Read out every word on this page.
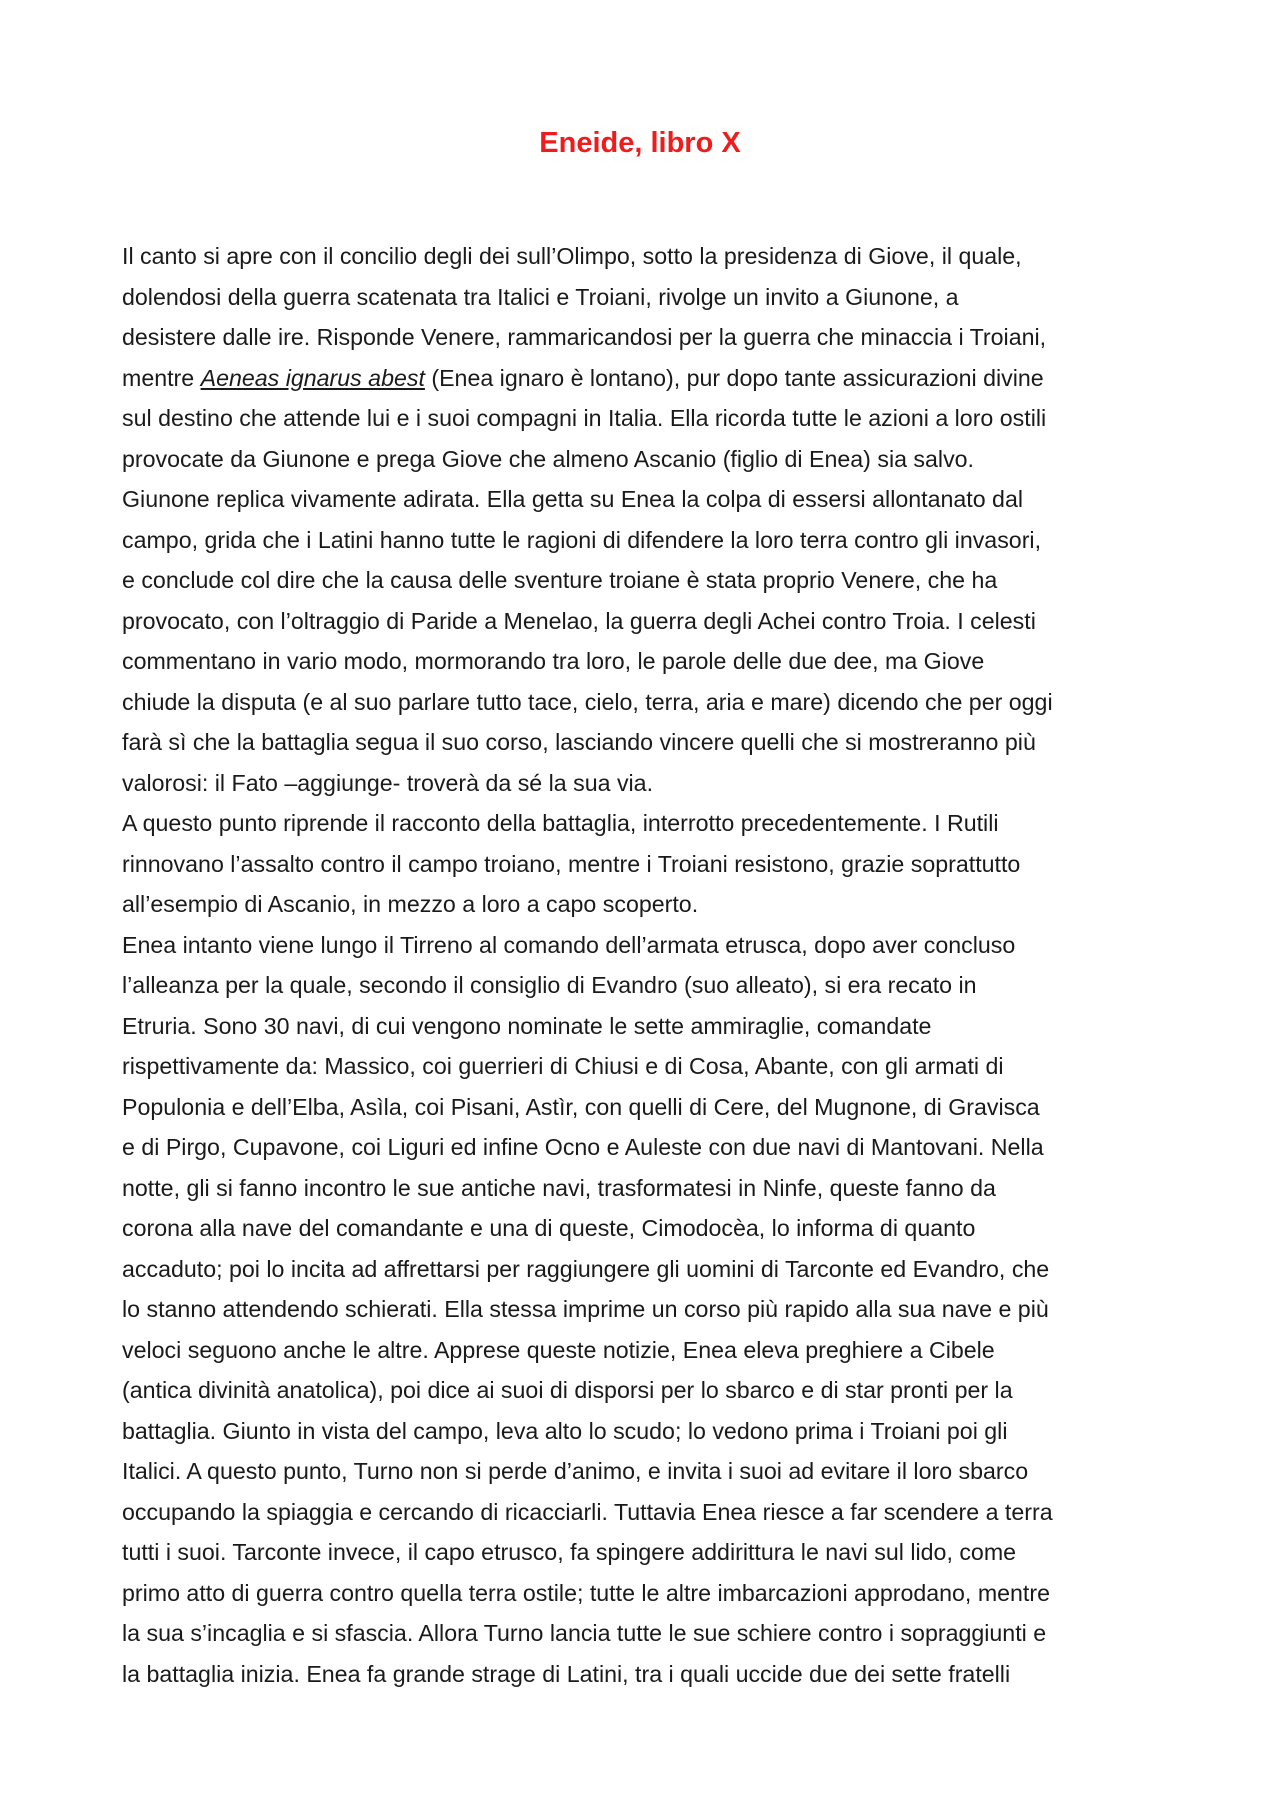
Eneide, libro X
Il canto si apre con il concilio degli dei sull’Olimpo, sotto la presidenza di Giove, il quale,
dolendosi della guerra scatenata tra Italici e Troiani, rivolge un invito a Giunone, a
desistere dalle ire. Risponde Venere, rammaricandosi per la guerra che minaccia i Troiani,
mentre Aeneas ignarus abest (Enea ignaro è lontano), pur dopo tante assicurazioni divine
sul destino che attende lui e i suoi compagni in Italia. Ella ricorda tutte le azioni a loro ostili
provocate da Giunone e prega Giove che almeno Ascanio (figlio di Enea) sia salvo.
Giunone replica vivamente adirata. Ella getta su Enea la colpa di essersi allontanato dal
campo, grida che i Latini hanno tutte le ragioni di difendere la loro terra contro gli invasori,
e conclude col dire che la causa delle sventure troiane è stata proprio Venere, che ha
provocato, con l’oltraggio di Paride a Menelao, la guerra degli Achei contro Troia. I celesti
commentano in vario modo, mormorando tra loro, le parole delle due dee, ma Giove
chiude la disputa (e al suo parlare tutto tace, cielo, terra, aria e mare) dicendo che per oggi
farà sì che la battaglia segua il suo corso, lasciando vincere quelli che si mostreranno più
valorosi: il Fato –aggiunge- troverà da sé la sua via.
A questo punto riprende il racconto della battaglia, interrotto precedentemente. I Rutili
rinnovano l’assalto contro il campo troiano, mentre i Troiani resistono, grazie soprattutto
all’esempio di Ascanio, in mezzo a loro a capo scoperto.
Enea intanto viene lungo il Tirreno al comando dell’armata etrusca, dopo aver concluso
l’alleanza per la quale, secondo il consiglio di Evandro (suo alleato), si era recato in
Etruria. Sono 30 navi, di cui vengono nominate le sette ammiraglie, comandate
rispettivamente da: Massico, coi guerrieri di Chiusi e di Cosa, Abante, con gli armati di
Populonia e dell’Elba, Asìla, coi Pisani, Astìr, con quelli di Cere, del Mugnone, di Gravisca
e di Pirgo, Cupavone, coi Liguri ed infine Ocno e Auleste con due navi di Mantovani. Nella
notte, gli si fanno incontro le sue antiche navi, trasformatesi in Ninfe, queste fanno da
corona alla nave del comandante e una di queste, Cimodocèa, lo informa di quanto
accaduto; poi lo incita ad affrettarsi per raggiungere gli uomini di Tarconte ed Evandro, che
lo stanno attendendo schierati. Ella stessa imprime un corso più rapido alla sua nave e più
veloci seguono anche le altre. Apprese queste notizie, Enea eleva preghiere a Cibele
(antica divinità anatolica), poi dice ai suoi di disporsi per lo sbarco e di star pronti per la
battaglia. Giunto in vista del campo, leva alto lo scudo; lo vedono prima i Troiani poi gli
Italici. A questo punto, Turno non si perde d’animo, e invita i suoi ad evitare il loro sbarco
occupando la spiaggia e cercando di ricacciarli. Tuttavia Enea riesce a far scendere a terra
tutti i suoi. Tarconte invece, il capo etrusco, fa spingere addirittura le navi sul lido, come
primo atto di guerra contro quella terra ostile; tutte le altre imbarcazioni approdano, mentre
la sua s’incaglia e si sfascia. Allora Turno lancia tutte le sue schiere contro i sopraggiunti e
la battaglia inizia. Enea fa grande strage di Latini, tra i quali uccide due dei sette fratelli
